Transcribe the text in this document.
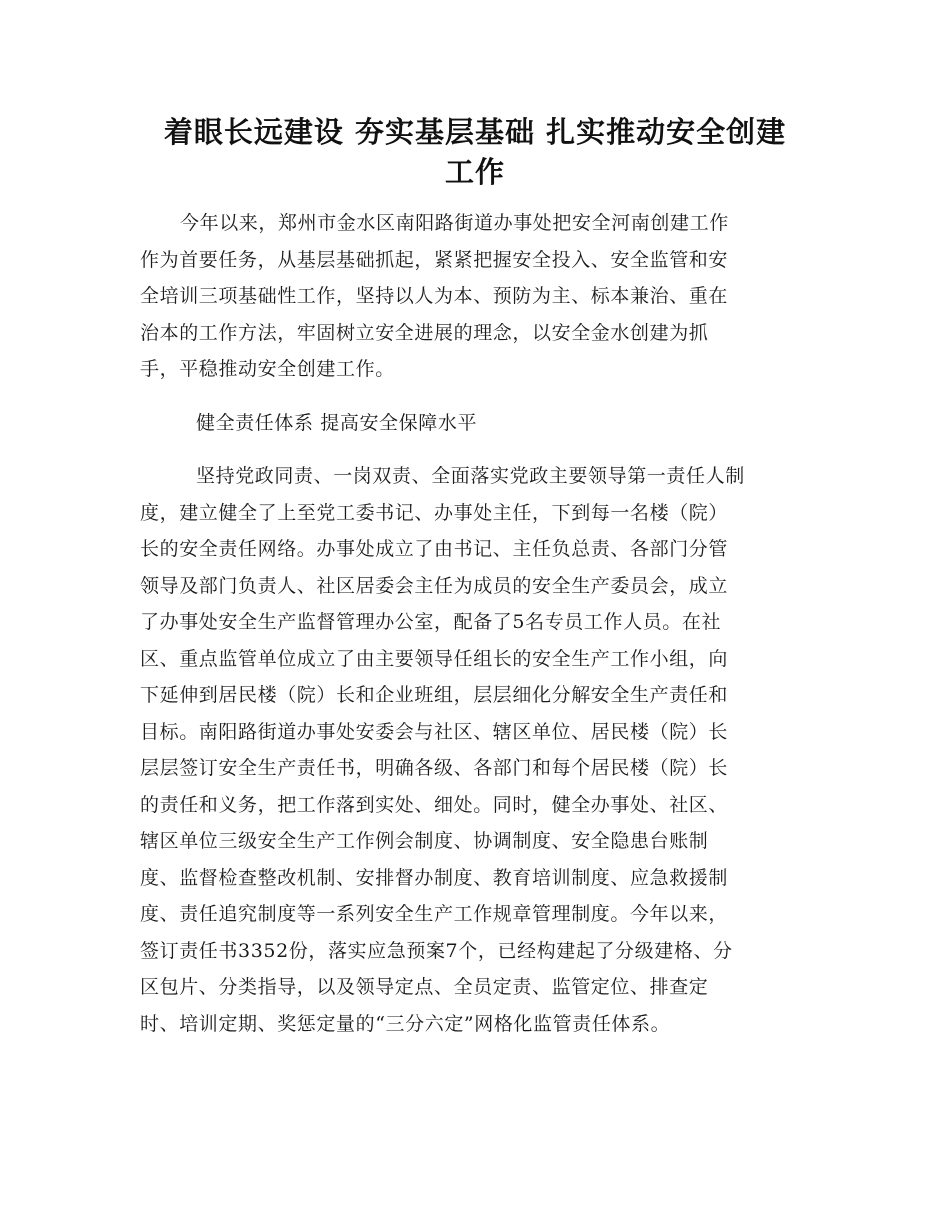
着眼长远建设 夯实基层基础 扎实推动安全创建
工作
今年以来，郑州市金水区南阳路街道办事处把安全河南创建工作
作为首要任务，从基层基础抓起，紧紧把握安全投入、安全监管和安
全培训三项基础性工作，坚持以人为本、预防为主、标本兼治、重在
治本的工作方法，牢固树立安全进展的理念，以安全金水创建为抓
手，平稳推动安全创建工作。
健全责任体系 提高安全保障水平
坚持党政同责、一岗双责、全面落实党政主要领导第一责任人制
度，建立健全了上至党工委书记、办事处主任，下到每一名楼（院）
长的安全责任网络。办事处成立了由书记、主任负总责、各部门分管
领导及部门负责人、社区居委会主任为成员的安全生产委员会，成立
了办事处安全生产监督管理办公室，配备了5名专员工作人员。在社
区、重点监管单位成立了由主要领导任组长的安全生产工作小组，向
下延伸到居民楼（院）长和企业班组，层层细化分解安全生产责任和
目标。南阳路街道办事处安委会与社区、辖区单位、居民楼（院）长
层层签订安全生产责任书，明确各级、各部门和每个居民楼（院）长
的责任和义务，把工作落到实处、细处。同时，健全办事处、社区、
辖区单位三级安全生产工作例会制度、协调制度、安全隐患台账制
度、监督检查整改机制、安排督办制度、教育培训制度、应急救援制
度、责任追究制度等一系列安全生产工作规章管理制度。今年以来，
签订责任书3352份，落实应急预案7个，已经构建起了分级建格、分
区包片、分类指导，以及领导定点、全员定责、监管定位、排查定
时、培训定期、奖惩定量的“三分六定”网格化监管责任体系。
